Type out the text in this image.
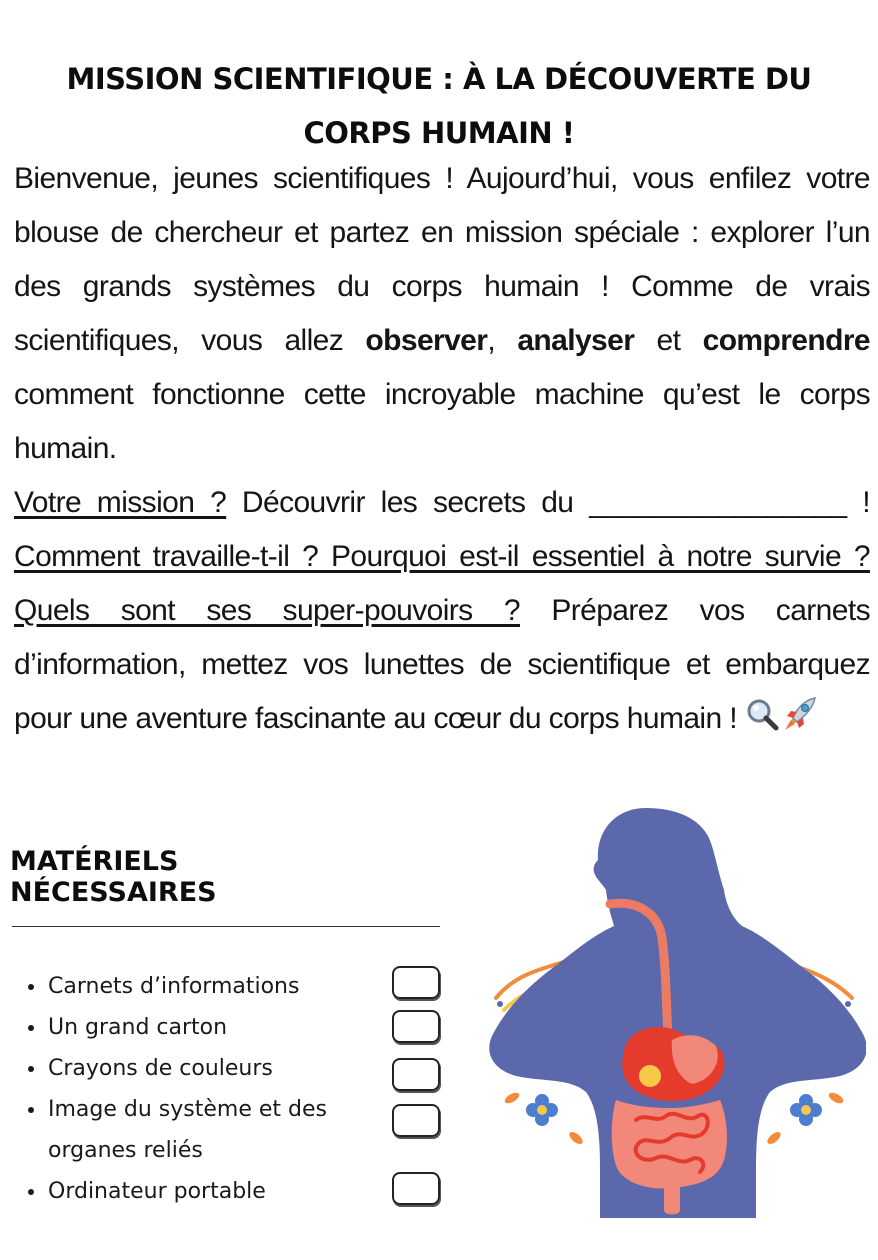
MISSION SCIENTIFIQUE : À LA DÉCOUVERTE DU CORPS HUMAIN !

Bienvenue, jeunes scientifiques ! Aujourd’hui, vous enfilez votre blouse de chercheur et partez en mission spéciale : explorer l’un des grands systèmes du corps humain ! Comme de vrais scientifiques, vous allez observer, analyser et comprendre comment fonctionne cette incroyable machine qu’est le corps humain.

Votre mission ? Découvrir les secrets du ________________ ! Comment travaille-t-il ? Pourquoi est-il essentiel à notre survie ? Quels sont ses super-pouvoirs ? Préparez vos carnets d’information, mettez vos lunettes de scientifique et embarquez pour une aventure fascinante au cœur du corps humain !

MATÉRIELS NÉCESSAIRES
Carnets d’informations
Un grand carton
Crayons de couleurs
Image du système et des organes reliés
Ordinateur portable
